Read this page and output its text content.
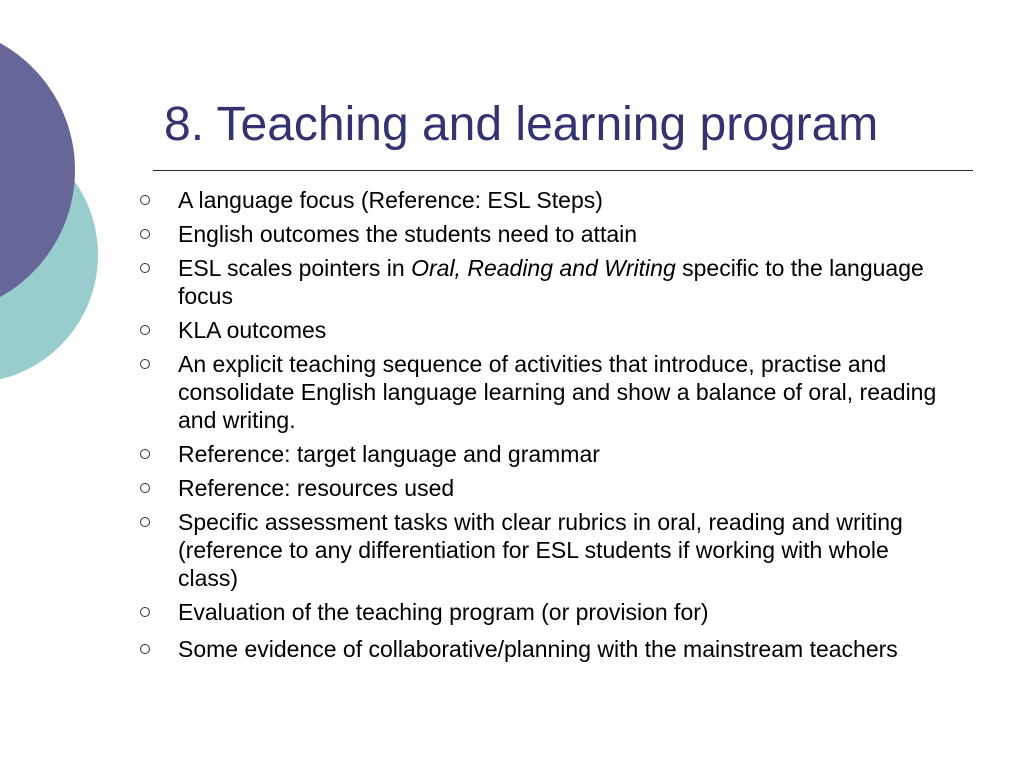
8. Teaching and learning program
A language focus (Reference: ESL Steps)
English outcomes the students need to attain
ESL scales pointers in Oral, Reading and Writing specific to the language focus
KLA outcomes
An explicit teaching sequence of activities that introduce, practise and consolidate English language learning and show a balance of oral, reading and writing.
Reference: target language and grammar
Reference: resources used
Specific assessment tasks with clear rubrics in oral, reading and writing (reference to any differentiation for ESL students if working with whole class)
Evaluation of the teaching program (or provision for)
Some evidence of collaborative/planning with the mainstream teachers
